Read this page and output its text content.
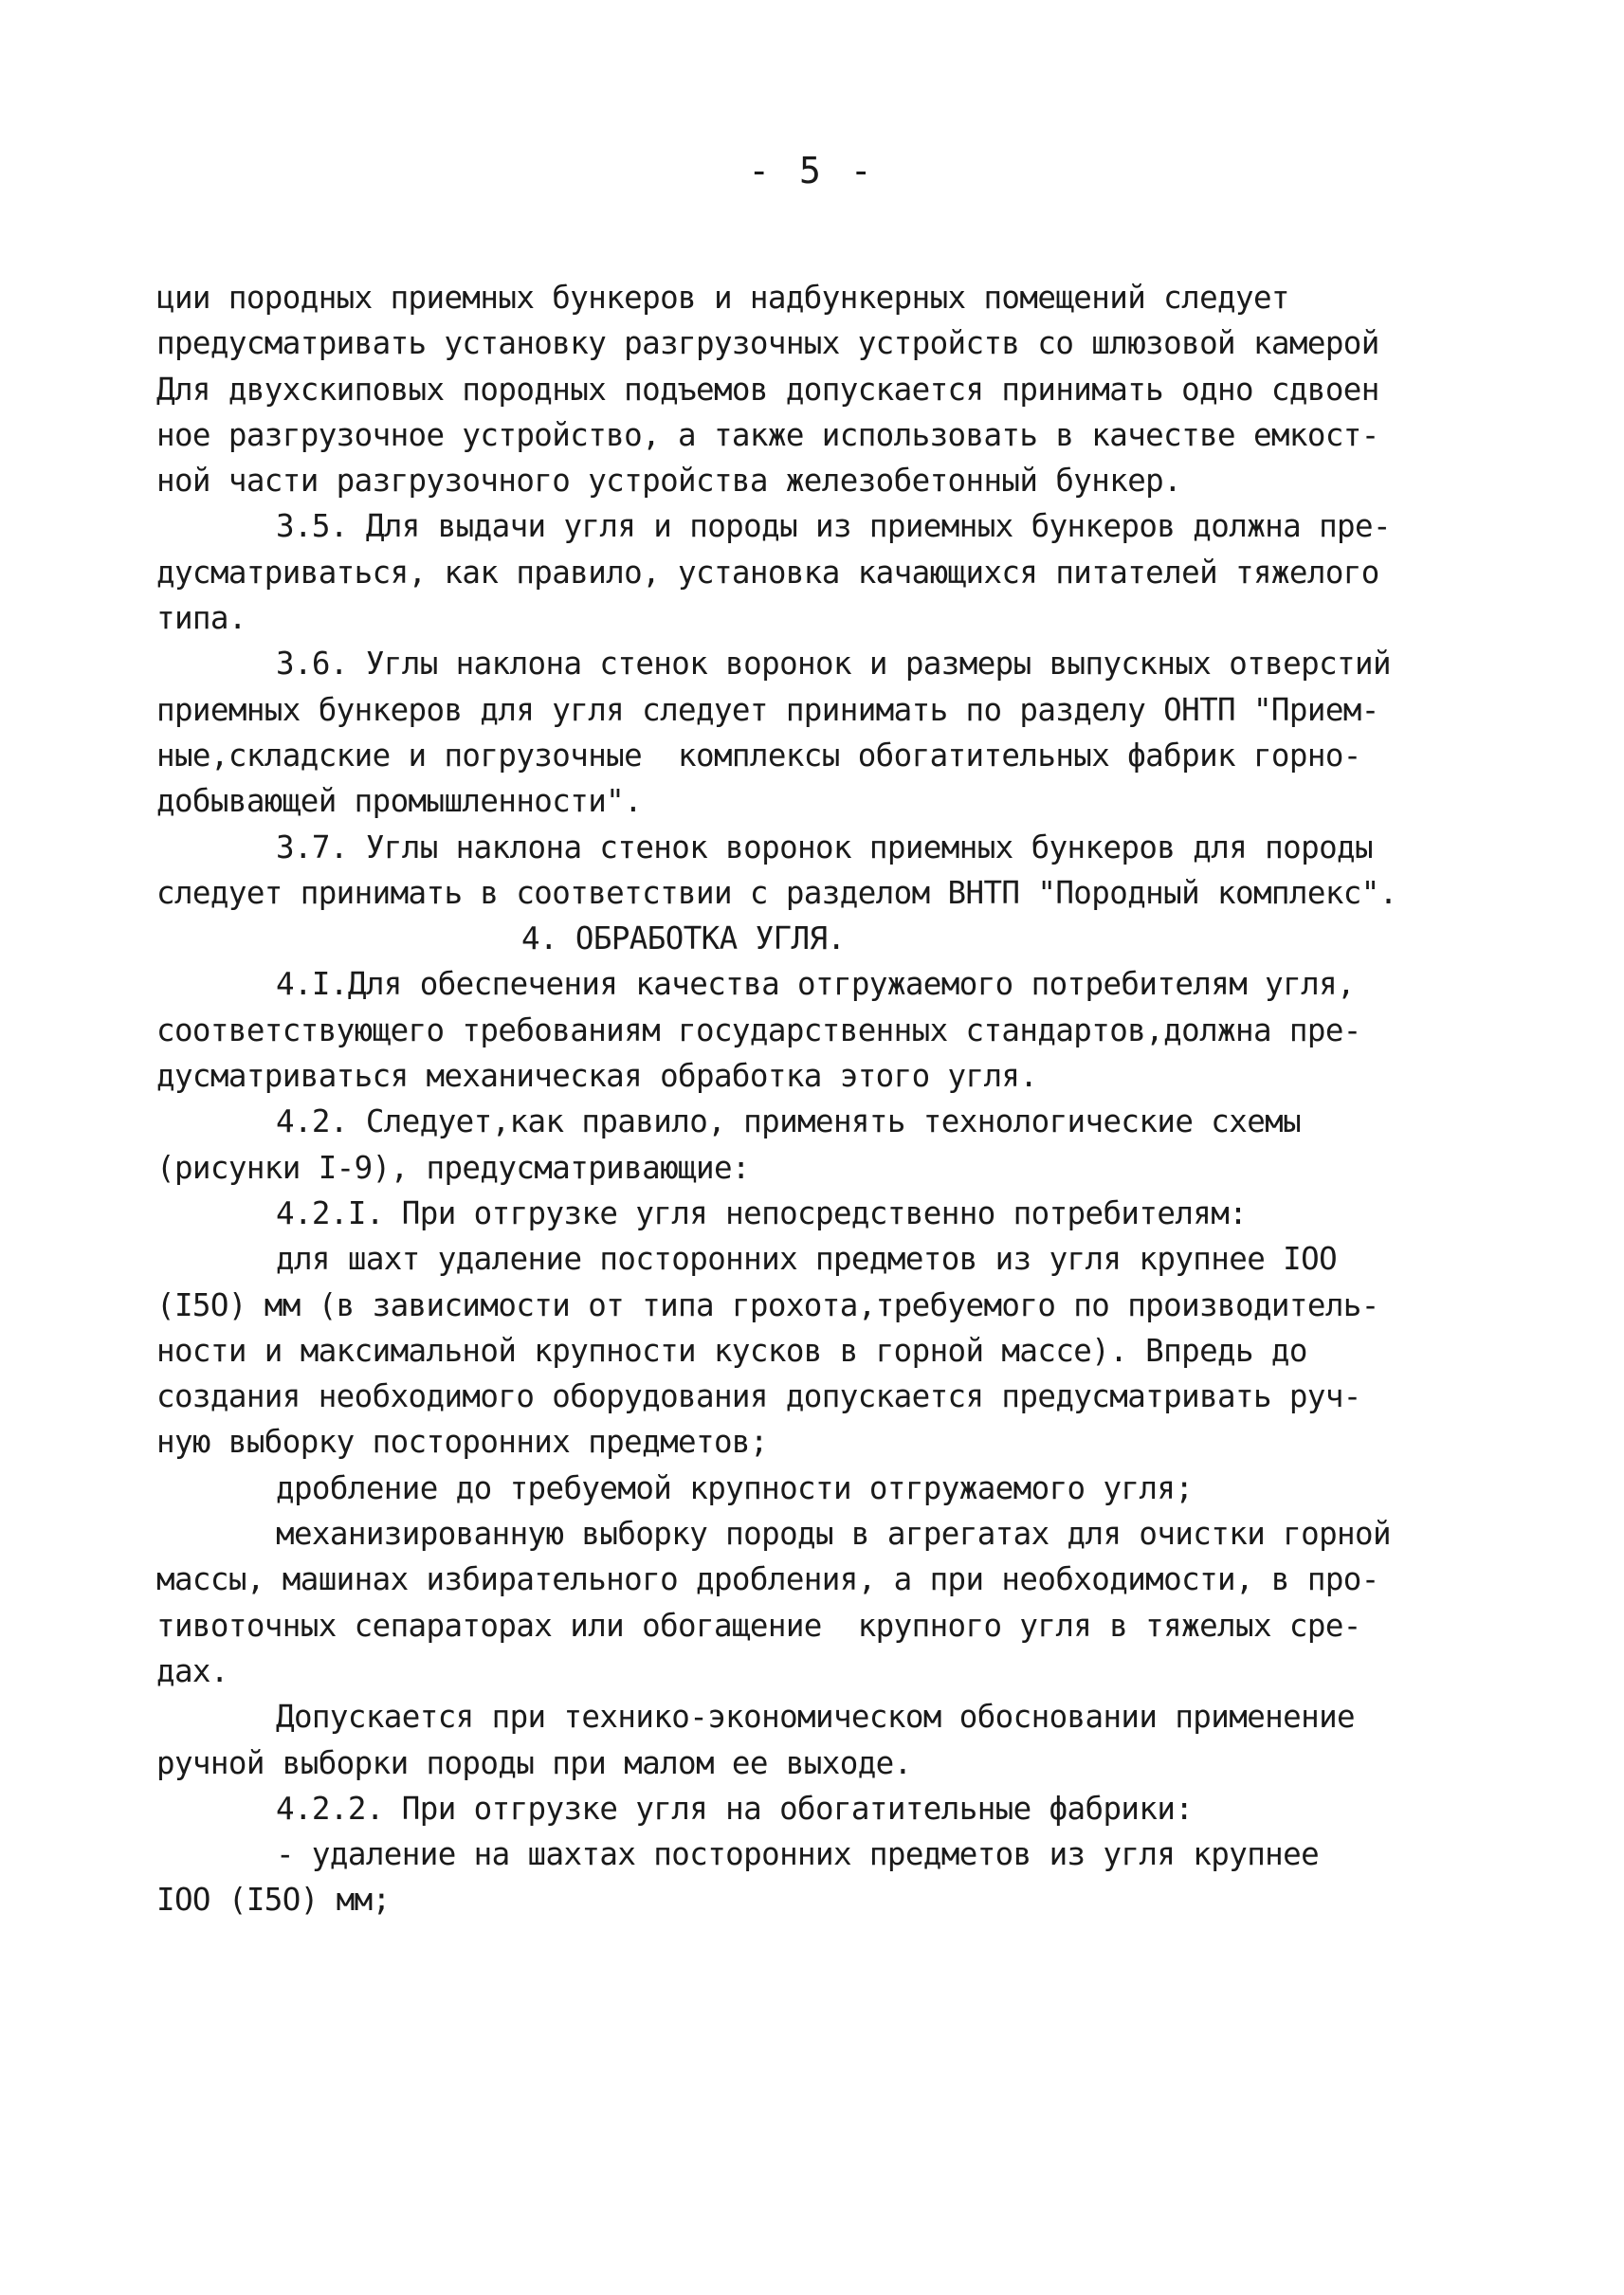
- 5 -
ции породных приемных бункеров и надбункерных помещений следует
предусматривать установку разгрузочных устройств со шлюзовой камерой
Для двухскиповых породных подъемов допускается принимать одно сдвоен
ное разгрузочное устройство, а также использовать в качестве емкост-
ной части разгрузочного устройства железобетонный бункер.
3.5. Для выдачи угля и породы из приемных бункеров должна пре-
дусматриваться, как правило, установка качающихся питателей тяжелого
типа.
3.6. Углы наклона стенок воронок и размеры выпускных отверстий
приемных бункеров для угля следует принимать по разделу ОНТП "Прием-
ные,складские и погрузочные  комплексы обогатительных фабрик горно-
добывающей промышленности".
3.7. Углы наклона стенок воронок приемных бункеров для породы
следует принимать в соответствии с разделом ВНТП "Породный комплекс".
4. ОБРАБОТКА УГЛЯ.
4.I.Для обеспечения качества отгружаемого потребителям угля,
соответствующего требованиям государственных стандартов,должна пре-
дусматриваться механическая обработка этого угля.
4.2. Следует,как правило, применять технологические схемы
(рисунки I-9), предусматривающие:
4.2.I. При отгрузке угля непосредственно потребителям:
для шахт удаление посторонних предметов из угля крупнее IOO
(I5O) мм (в зависимости от типа грохота,требуемого по производитель-
ности и максимальной крупности кусков в горной массе). Впредь до
создания необходимого оборудования допускается предусматривать руч-
ную выборку посторонних предметов;
дробление до требуемой крупности отгружаемого угля;
механизированную выборку породы в агрегатах для очистки горной
массы, машинах избирательного дробления, а при необходимости, в про-
тивоточных сепараторах или обогащение  крупного угля в тяжелых сре-
дах.
Допускается при технико-экономическом обосновании применение
ручной выборки породы при малом ее выходе.
4.2.2. При отгрузке угля на обогатительные фабрики:
- удаление на шахтах посторонних предметов из угля крупнее
IOO (I5O) мм;
